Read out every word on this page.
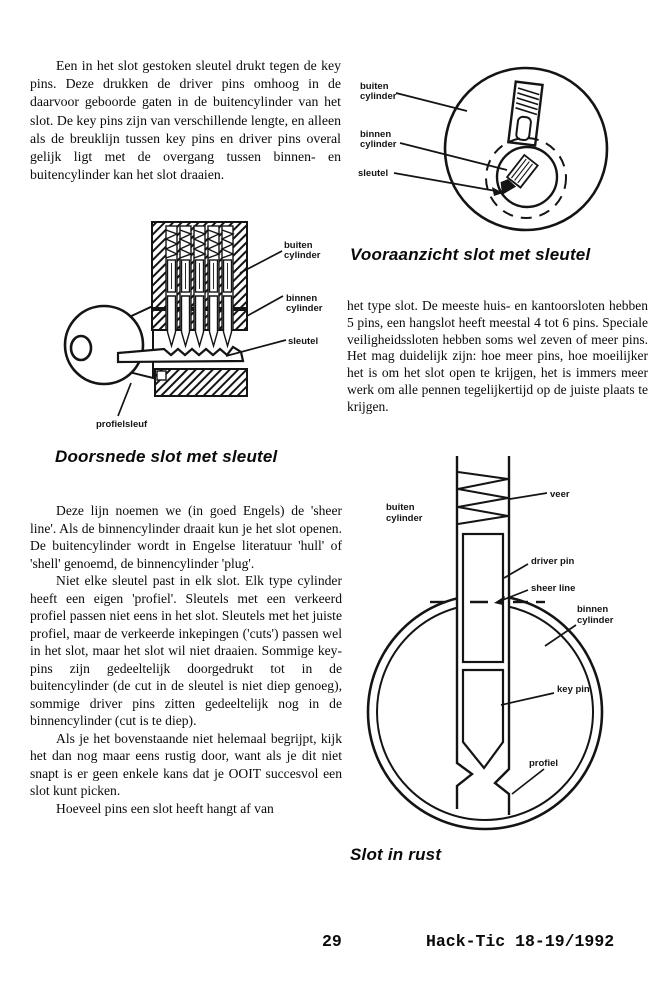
Een in het slot gestoken sleutel drukt tegen de key pins. Deze drukken de driver pins omhoog in de daarvoor geboorde gaten in de buitencylinder van het slot. De key pins zijn van verschillende lengte, en alleen als de breuklijn tussen key pins en driver pins overal gelijk ligt met de overgang tussen binnen- en buitencylinder kan het slot draaien.

buiten
cylinder
binnen
cylinder
sleutel
profielsleuf
Doorsnede slot met sleutel

Deze lijn noemen we (in goed Engels) de 'sheer line'. Als de binnencylinder draait kun je het slot openen. De buitencylinder wordt in Engelse literatuur 'hull' of 'shell' genoemd, de binnencylinder 'plug'.

Niet elke sleutel past in elk slot. Elk type cylinder heeft een eigen 'profiel'. Sleutels met een verkeerd profiel passen niet eens in het slot. Sleutels met het juiste profiel, maar de verkeerde inkepingen ('cuts') passen wel in het slot, maar het slot wil niet draaien. Sommige key-pins zijn gedeeltelijk doorgedrukt tot in de buitencylinder (de cut in de sleutel is niet diep genoeg), sommige driver pins zitten gedeeltelijk nog in de binnencylinder (cut is te diep).

Als je het bovenstaande niet helemaal begrijpt, kijk het dan nog maar eens rustig door, want als je dit niet snapt is er geen enkele kans dat je OOIT succesvol een slot kunt picken.

Hoeveel pins een slot heeft hangt af van

buiten
cylinder
binnen
cylinder
sleutel
Vooraanzicht slot met sleutel

het type slot. De meeste huis- en kantoorsloten hebben 5 pins, een hangslot heeft meestal 4 tot 6 pins. Speciale veiligheidssloten hebben soms wel zeven of meer pins. Het mag duidelijk zijn: hoe meer pins, hoe moeilijker het is om het slot open te krijgen, het is immers meer werk om alle pennen tegelijkertijd op de juiste plaats te krijgen.

veer
buiten
cylinder
driver pin
sheer line
binnen
cylinder
key pin
profiel
Slot in rust
29	Hack-Tic 18-19/1992
